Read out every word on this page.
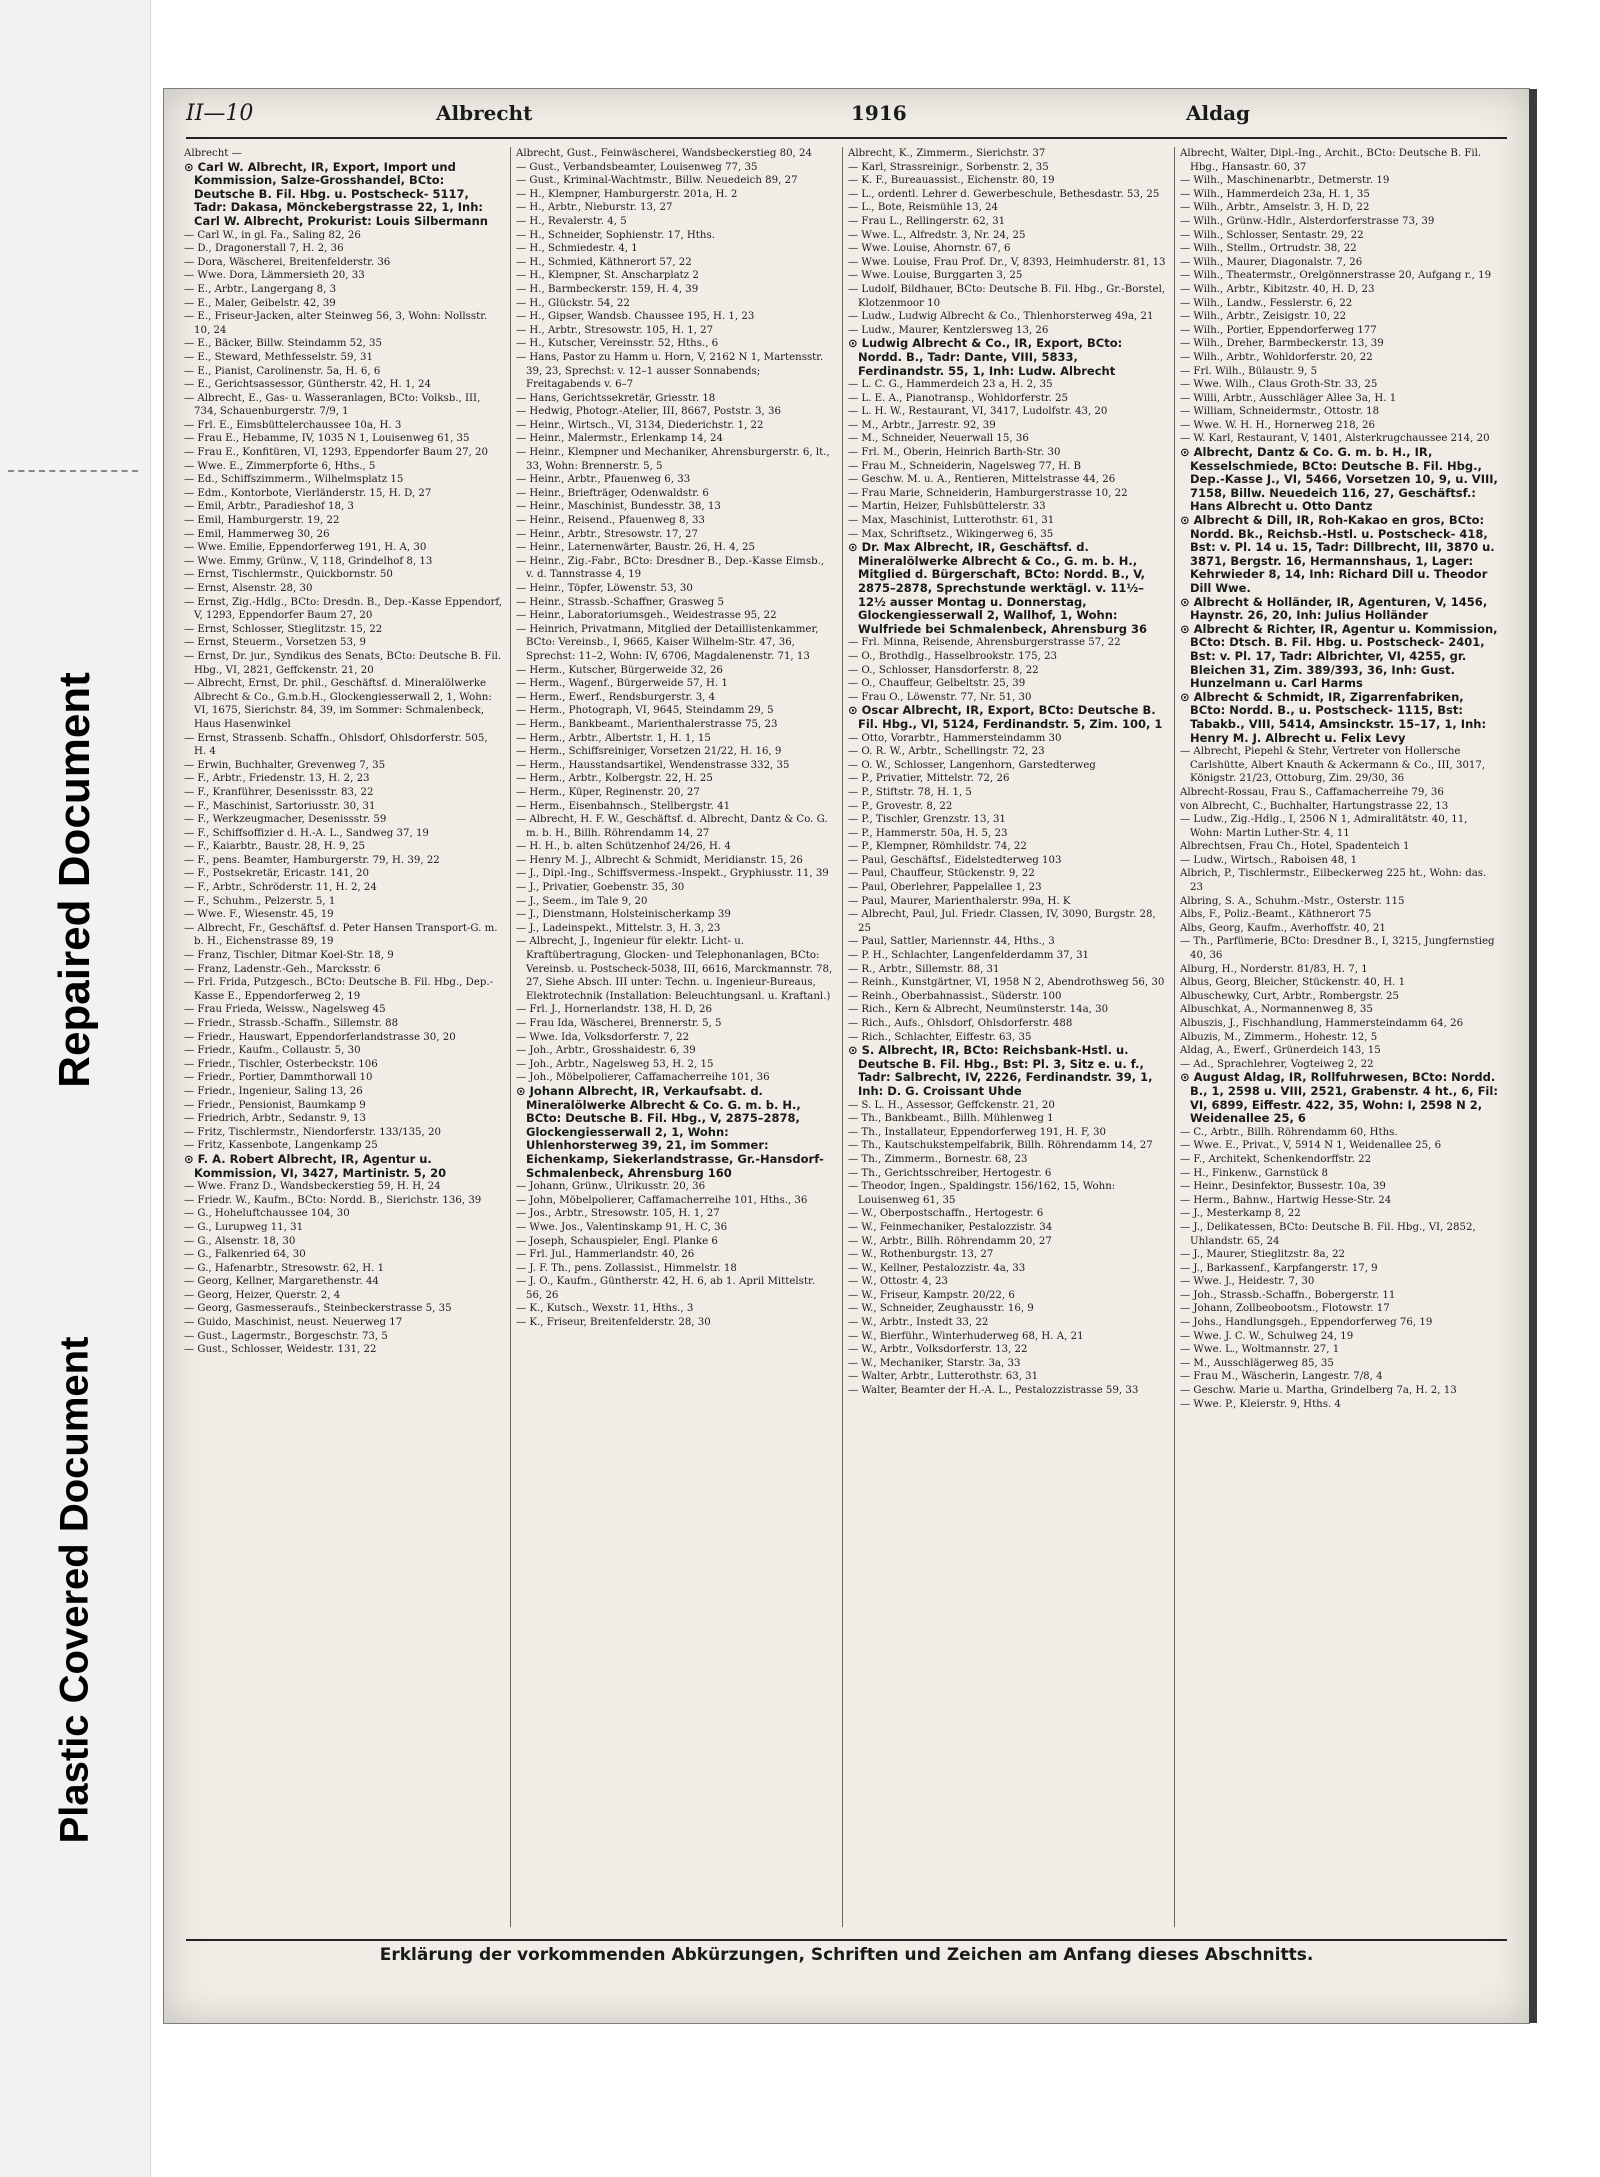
Repaired Document
Plastic Covered Document
II—10	Albrecht	1916	Aldag

Albrecht —

⊙ Carl W. Albrecht, IR, Export, Import und Kommission, Salze-Grosshandel, BCto: Deutsche B. Fil. Hbg. u. Postscheck- 5117, Tadr: Dakasa, Mönckebergstrasse 22, 1, Inh: Carl W. Albrecht, Prokurist: Louis Silbermann

— Carl W., in gl. Fa., Saling 82, 26

— D., Dragonerstall 7, H. 2, 36

— Dora, Wäscherei, Breitenfelderstr. 36

— Wwe. Dora, Lämmersieth 20, 33

— E., Arbtr., Langergang 8, 3

— E., Maler, Geibelstr. 42, 39

— E., Friseur-Jacken, alter Steinweg 56, 3, Wohn: Nollsstr. 10, 24

— E., Bäcker, Billw. Steindamm 52, 35

— E., Steward, Methfesselstr. 59, 31

— E., Pianist, Carolinenstr. 5a, H. 6, 6

— E., Gerichtsassessor, Güntherstr. 42, H. 1, 24

— Albrecht, E., Gas- u. Wasseranlagen, BCto: Volksb., III, 734, Schauenburgerstr. 7/9, 1

— Frl. E., Eimsbüttelerchaussee 10a, H. 3

— Frau E., Hebamme, IV, 1035 N 1, Louisenweg 61, 35

— Frau E., Konfitüren, VI, 1293, Eppendorfer Baum 27, 20

— Wwe. E., Zimmerpforte 6, Hths., 5

— Ed., Schiffszimmerm., Wilhelmsplatz 15

— Edm., Kontorbote, Vierländerstr. 15, H. D, 27

— Emil, Arbtr., Paradieshof 18, 3

— Emil, Hamburgerstr. 19, 22

— Emil, Hammerweg 30, 26

— Wwe. Emilie, Eppendorferweg 191, H. A, 30

— Wwe. Emmy, Grünw., V, 118, Grindelhof 8, 13

— Ernst, Tischlermstr., Quickbornstr. 50

— Ernst, Alsenstr. 28, 30

— Ernst, Zig.-Hdlg., BCto: Dresdn. B., Dep.-Kasse Eppendorf, V, 1293, Eppendorfer Baum 27, 20

— Ernst, Schlosser, Stieglitzstr. 15, 22

— Ernst, Steuerm., Vorsetzen 53, 9

— Ernst, Dr. jur., Syndikus des Senats, BCto: Deutsche B. Fil. Hbg., VI, 2821, Geffckenstr. 21, 20

— Albrecht, Ernst, Dr. phil., Geschäftsf. d. Mineralölwerke Albrecht & Co., G.m.b.H., Glockengiesserwall 2, 1, Wohn: VI, 1675, Sierichstr. 84, 39, im Sommer: Schmalenbeck, Haus Hasenwinkel

— Ernst, Strassenb. Schaffn., Ohlsdorf, Ohlsdorferstr. 505, H. 4

— Erwin, Buchhalter, Grevenweg 7, 35

— F., Arbtr., Friedenstr. 13, H. 2, 23

— F., Kranführer, Desenissstr. 83, 22

— F., Maschinist, Sartoriusstr. 30, 31

— F., Werkzeugmacher, Desenissstr. 59

— F., Schiffsoffizier d. H.-A. L., Sandweg 37, 19

— F., Kaiarbtr., Baustr. 28, H. 9, 25

— F., pens. Beamter, Hamburgerstr. 79, H. 39, 22

— F., Postsekretär, Ericastr. 141, 20

— F., Arbtr., Schröderstr. 11, H. 2, 24

— F., Schuhm., Pelzerstr. 5, 1

— Wwe. F., Wiesenstr. 45, 19

— Albrecht, Fr., Geschäftsf. d. Peter Hansen Transport-G. m. b. H., Eichenstrasse 89, 19

— Franz, Tischler, Ditmar Koel-Str. 18, 9

— Franz, Ladenstr.-Geh., Marcksstr. 6

— Frl. Frida, Putzgesch., BCto: Deutsche B. Fil. Hbg., Dep.-Kasse E., Eppendorferweg 2, 19

— Frau Frieda, Weissw., Nagelsweg 45

— Friedr., Strassb.-Schaffn., Sillemstr. 88

— Friedr., Hauswart, Eppendorferlandstrasse 30, 20

— Friedr., Kaufm., Collaustr. 5, 30

— Friedr., Tischler, Osterbeckstr. 106

— Friedr., Portier, Dammthorwall 10

— Friedr., Ingenieur, Saling 13, 26

— Friedr., Pensionist, Baumkamp 9

— Friedrich, Arbtr., Sedanstr. 9, 13

— Fritz, Tischlermstr., Niendorferstr. 133/135, 20

— Fritz, Kassenbote, Langenkamp 25

⊙ F. A. Robert Albrecht, IR, Agentur u. Kommission, VI, 3427, Martinistr. 5, 20

— Wwe. Franz D., Wandsbeckerstieg 59, H. H, 24

— Friedr. W., Kaufm., BCto: Nordd. B., Sierichstr. 136, 39

— G., Hoheluftchaussee 104, 30

— G., Lurupweg 11, 31

— G., Alsenstr. 18, 30

— G., Falkenried 64, 30

— G., Hafenarbtr., Stresowstr. 62, H. 1

— Georg, Kellner, Margarethenstr. 44

— Georg, Heizer, Querstr. 2, 4

— Georg, Gasmesseraufs., Steinbeckerstrasse 5, 35

— Guido, Maschinist, neust. Neuerweg 17

— Gust., Lagermstr., Borgeschstr. 73, 5

— Gust., Schlosser, Weidestr. 131, 22

Albrecht, Gust., Feinwäscherei, Wandsbeckerstieg 80, 24

— Gust., Verbandsbeamter, Louisenweg 77, 35

— Gust., Kriminal-Wachtmstr., Billw. Neuedeich 89, 27

— H., Klempner, Hamburgerstr. 201a, H. 2

— H., Arbtr., Nieburstr. 13, 27

— H., Revalerstr. 4, 5

— H., Schneider, Sophienstr. 17, Hths.

— H., Schmiedestr. 4, 1

— H., Schmied, Käthnerort 57, 22

— H., Klempner, St. Anscharplatz 2

— H., Barmbeckerstr. 159, H. 4, 39

— H., Glückstr. 54, 22

— H., Gipser, Wandsb. Chaussee 195, H. 1, 23

— H., Arbtr., Stresowstr. 105, H. 1, 27

— H., Kutscher, Vereinsstr. 52, Hths., 6

— Hans, Pastor zu Hamm u. Horn, V, 2162 N 1, Martensstr. 39, 23, Sprechst: v. 12–1 ausser Sonnabends; Freitagabends v. 6–7

— Hans, Gerichtssekretär, Griesstr. 18

— Hedwig, Photogr.-Atelier, III, 8667, Poststr. 3, 36

— Heinr., Wirtsch., VI, 3134, Diederichstr. 1, 22

— Heinr., Malermstr., Erlenkamp 14, 24

— Heinr., Klempner und Mechaniker, Ahrensburgerstr. 6, lt., 33, Wohn: Brennerstr. 5, 5

— Heinr., Arbtr., Pfauenweg 6, 33

— Heinr., Briefträger, Odenwaldstr. 6

— Heinr., Maschinist, Bundesstr. 38, 13

— Heinr., Reisend., Pfauenweg 8, 33

— Heinr., Arbtr., Stresowstr. 17, 27

— Heinr., Laternenwärter, Baustr. 26, H. 4, 25

— Heinr., Zig.-Fabr., BCto: Dresdner B., Dep.-Kasse Eimsb., v. d. Tannstrasse 4, 19

— Heinr., Töpfer, Löwenstr. 53, 30

— Heinr., Strassb.-Schaffner, Grasweg 5

— Heinr., Laboratoriumsgeh., Weidestrasse 95, 22

— Heinrich, Privatmann, Mitglied der Detaillistenkammer, BCto: Vereinsb., I, 9665, Kaiser Wilhelm-Str. 47, 36, Sprechst: 11–2, Wohn: IV, 6706, Magdalenenstr. 71, 13

— Herm., Kutscher, Bürgerweide 32, 26

— Herm., Wagenf., Bürgerweide 57, H. 1

— Herm., Ewerf., Rendsburgerstr. 3, 4

— Herm., Photograph, VI, 9645, Steindamm 29, 5

— Herm., Bankbeamt., Marienthalerstrasse 75, 23

— Herm., Arbtr., Albertstr. 1, H. 1, 15

— Herm., Schiffsreiniger, Vorsetzen 21/22, H. 16, 9

— Herm., Hausstandsartikel, Wendenstrasse 332, 35

— Herm., Arbtr., Kolbergstr. 22, H. 25

— Herm., Küper, Reginenstr. 20, 27

— Herm., Eisenbahnsch., Stellbergstr. 41

— Albrecht, H. F. W., Geschäftsf. d. Albrecht, Dantz & Co. G. m. b. H., Billh. Röhrendamm 14, 27

— H. H., b. alten Schützenhof 24/26, H. 4

— Henry M. J., Albrecht & Schmidt, Meridianstr. 15, 26

— J., Dipl.-Ing., Schiffsvermess.-Inspekt., Gryphiusstr. 11, 39

— J., Privatier, Goebenstr. 35, 30

— J., Seem., im Tale 9, 20

— J., Dienstmann, Holsteinischerkamp 39

— J., Ladeinspekt., Mittelstr. 3, H. 3, 23

— Albrecht, J., Ingenieur für elektr. Licht- u. Kraftübertragung, Glocken- und Telephonanlagen, BCto: Vereinsb. u. Postscheck-5038, III, 6616, Marckmannstr. 78, 27, Siehe Absch. III unter: Techn. u. Ingenieur-Bureaus, Elektrotechnik (Installation: Beleuchtungsanl. u. Kraftanl.)

— Frl. J., Hornerlandstr. 138, H. D, 26

— Frau Ida, Wäscherei, Brennerstr. 5, 5

— Wwe. Ida, Volksdorferstr. 7, 22

— Joh., Arbtr., Grosshaidestr. 6, 39

— Joh., Arbtr., Nagelsweg 53, H. 2, 15

— Joh., Möbelpolierer, Caffamacherreihe 101, 36

⊙ Johann Albrecht, IR, Verkaufsabt. d. Mineralölwerke Albrecht & Co. G. m. b. H., BCto: Deutsche B. Fil. Hbg., V, 2875–2878, Glockengiesserwall 2, 1, Wohn: Uhlenhorsterweg 39, 21, im Sommer: Eichenkamp, Siekerlandstrasse, Gr.-Hansdorf-Schmalenbeck, Ahrensburg 160

— Johann, Grünw., Ulrikusstr. 20, 36

— John, Möbelpolierer, Caffamacherreihe 101, Hths., 36

— Jos., Arbtr., Stresowstr. 105, H. 1, 27

— Wwe. Jos., Valentinskamp 91, H. C, 36

— Joseph, Schauspieler, Engl. Planke 6

— Frl. Jul., Hammerlandstr. 40, 26

— J. F. Th., pens. Zollassist., Himmelstr. 18

— J. O., Kaufm., Güntherstr. 42, H. 6, ab 1. April Mittelstr. 56, 26

— K., Kutsch., Wexstr. 11, Hths., 3

— K., Friseur, Breitenfelderstr. 28, 30

Albrecht, K., Zimmerm., Sierichstr. 37

— Karl, Strassreinigr., Sorbenstr. 2, 35

— K. F., Bureauassist., Eichenstr. 80, 19

— L., ordentl. Lehrer d. Gewerbeschule, Bethesdastr. 53, 25

— L., Bote, Reismühle 13, 24

— Frau L., Rellingerstr. 62, 31

— Wwe. L., Alfredstr. 3, Nr. 24, 25

— Wwe. Louise, Ahornstr. 67, 6

— Wwe. Louise, Frau Prof. Dr., V, 8393, Heimhuderstr. 81, 13

— Wwe. Louise, Burggarten 3, 25

— Ludolf, Bildhauer, BCto: Deutsche B. Fil. Hbg., Gr.-Borstel, Klotzenmoor 10

— Ludw., Ludwig Albrecht & Co., Thlenhorsterweg 49a, 21

— Ludw., Maurer, Kentzlersweg 13, 26

⊙ Ludwig Albrecht & Co., IR, Export, BCto: Nordd. B., Tadr: Dante, VIII, 5833, Ferdinandstr. 55, 1, Inh: Ludw. Albrecht

— L. C. G., Hammerdeich 23 a, H. 2, 35

— L. E. A., Pianotransp., Wohldorferstr. 25

— L. H. W., Restaurant, VI, 3417, Ludolfstr. 43, 20

— M., Arbtr., Jarrestr. 92, 39

— M., Schneider, Neuerwall 15, 36

— Frl. M., Oberin, Heinrich Barth-Str. 30

— Frau M., Schneiderin, Nagelsweg 77, H. B

— Geschw. M. u. A., Rentieren, Mittelstrasse 44, 26

— Frau Marie, Schneiderin, Hamburgerstrasse 10, 22

— Martin, Heizer, Fuhlsbüttelerstr. 33

— Max, Maschinist, Lutterothstr. 61, 31

— Max, Schriftsetz., Wikingerweg 6, 35

⊙ Dr. Max Albrecht, IR, Geschäftsf. d. Mineralölwerke Albrecht & Co., G. m. b. H., Mitglied d. Bürgerschaft, BCto: Nordd. B., V, 2875–2878, Sprechstunde werktägl. v. 11½–12½ ausser Montag u. Donnerstag, Glockengiesserwall 2, Wallhof, 1, Wohn: Wulfriede bei Schmalenbeck, Ahrensburg 36

— Frl. Minna, Reisende, Ahrensburgerstrasse 57, 22

— O., Brothdlg., Hasselbrookstr. 175, 23

— O., Schlosser, Hansdorferstr. 8, 22

— O., Chauffeur, Gelbeltstr. 25, 39

— Frau O., Löwenstr. 77, Nr. 51, 30

⊙ Oscar Albrecht, IR, Export, BCto: Deutsche B. Fil. Hbg., VI, 5124, Ferdinandstr. 5, Zim. 100, 1

— Otto, Vorarbtr., Hammersteindamm 30

— O. R. W., Arbtr., Schellingstr. 72, 23

— O. W., Schlosser, Langenhorn, Garstedterweg

— P., Privatier, Mittelstr. 72, 26

— P., Stiftstr. 78, H. 1, 5

— P., Grovestr. 8, 22

— P., Tischler, Grenzstr. 13, 31

— P., Hammerstr. 50a, H. 5, 23

— P., Klempner, Römhildstr. 74, 22

— Paul, Geschäftsf., Eidelstedterweg 103

— Paul, Chauffeur, Stückenstr. 9, 22

— Paul, Oberlehrer, Pappelallee 1, 23

— Paul, Maurer, Marienthalerstr. 99a, H. K

— Albrecht, Paul, Jul. Friedr. Classen, IV, 3090, Burgstr. 28, 25

— Paul, Sattler, Mariennstr. 44, Hths., 3

— P. H., Schlachter, Langenfelderdamm 37, 31

— R., Arbtr., Sillemstr. 88, 31

— Reinh., Kunstgärtner, VI, 1958 N 2, Abendrothsweg 56, 30

— Reinh., Oberbahnassist., Süderstr. 100

— Rich., Kern & Albrecht, Neumünsterstr. 14a, 30

— Rich., Aufs., Ohlsdorf, Ohlsdorferstr. 488

— Rich., Schlachter, Eiffestr. 63, 35

⊙ S. Albrecht, IR, BCto: Reichsbank-Hstl. u. Deutsche B. Fil. Hbg., Bst: Pl. 3, Sitz e. u. f., Tadr: Salbrecht, IV, 2226, Ferdinandstr. 39, 1, Inh: D. G. Croissant Uhde

— S. L. H., Assessor, Geffckenstr. 21, 20

— Th., Bankbeamt., Billh. Mühlenweg 1

— Th., Installateur, Eppendorferweg 191, H. F, 30

— Th., Kautschukstempelfabrik, Billh. Röhrendamm 14, 27

— Th., Zimmerm., Bornestr. 68, 23

— Th., Gerichtsschreiber, Hertogestr. 6

— Theodor, Ingen., Spaldingstr. 156/162, 15, Wohn: Louisenweg 61, 35

— W., Oberpostschaffn., Hertogestr. 6

— W., Feinmechaniker, Pestalozzistr. 34

— W., Arbtr., Billh. Röhrendamm 20, 27

— W., Rothenburgstr. 13, 27

— W., Kellner, Pestalozzistr. 4a, 33

— W., Ottostr. 4, 23

— W., Friseur, Kampstr. 20/22, 6

— W., Schneider, Zeughausstr. 16, 9

— W., Arbtr., Instedt 33, 22

— W., Bierführ., Winterhuderweg 68, H. A, 21

— W., Arbtr., Volksdorferstr. 13, 22

— W., Mechaniker, Starstr. 3a, 33

— Walter, Arbtr., Lutterothstr. 63, 31

— Walter, Beamter der H.-A. L., Pestalozzistrasse 59, 33

Albrecht, Walter, Dipl.-Ing., Archit., BCto: Deutsche B. Fil. Hbg., Hansastr. 60, 37

— Wilh., Maschinenarbtr., Detmerstr. 19

— Wilh., Hammerdeich 23a, H. 1, 35

— Wilh., Arbtr., Amselstr. 3, H. D, 22

— Wilh., Grünw.-Hdlr., Alsterdorferstrasse 73, 39

— Wilh., Schlosser, Sentastr. 29, 22

— Wilh., Stellm., Ortrudstr. 38, 22

— Wilh., Maurer, Diagonalstr. 7, 26

— Wilh., Theatermstr., Orelgönnerstrasse 20, Aufgang r., 19

— Wilh., Arbtr., Kibitzstr. 40, H. D, 23

— Wilh., Landw., Fesslerstr. 6, 22

— Wilh., Arbtr., Zeisigstr. 10, 22

— Wilh., Portier, Eppendorferweg 177

— Wilh., Dreher, Barmbeckerstr. 13, 39

— Wilh., Arbtr., Wohldorferstr. 20, 22

— Frl. Wilh., Bülaustr. 9, 5

— Wwe. Wilh., Claus Groth-Str. 33, 25

— Willi, Arbtr., Ausschläger Allee 3a, H. 1

— William, Schneidermstr., Ottostr. 18

— Wwe. W. H. H., Hornerweg 218, 26

— W. Karl, Restaurant, V, 1401, Alsterkrugchaussee 214, 20

⊙ Albrecht, Dantz & Co. G. m. b. H., IR, Kesselschmiede, BCto: Deutsche B. Fil. Hbg., Dep.-Kasse J., VI, 5466, Vorsetzen 10, 9, u. VIII, 7158, Billw. Neuedeich 116, 27, Geschäftsf.: Hans Albrecht u. Otto Dantz

⊙ Albrecht & Dill, IR, Roh-Kakao en gros, BCto: Nordd. Bk., Reichsb.-Hstl. u. Postscheck- 418, Bst: v. Pl. 14 u. 15, Tadr: Dillbrecht, III, 3870 u. 3871, Bergstr. 16, Hermannshaus, 1, Lager: Kehrwieder 8, 14, Inh: Richard Dill u. Theodor Dill Wwe.

⊙ Albrecht & Holländer, IR, Agenturen, V, 1456, Haynstr. 26, 20, Inh: Julius Holländer

⊙ Albrecht & Richter, IR, Agentur u. Kommission, BCto: Dtsch. B. Fil. Hbg. u. Postscheck- 2401, Bst: v. Pl. 17, Tadr: Albrichter, VI, 4255, gr. Bleichen 31, Zim. 389/393, 36, Inh: Gust. Hunzelmann u. Carl Harms

⊙ Albrecht & Schmidt, IR, Zigarrenfabriken, BCto: Nordd. B., u. Postscheck- 1115, Bst: Tabakb., VIII, 5414, Amsinckstr. 15–17, 1, Inh: Henry M. J. Albrecht u. Felix Levy

— Albrecht, Piepehl & Stehr, Vertreter von Hollersche Carlshütte, Albert Knauth & Ackermann & Co., III, 3017, Königstr. 21/23, Ottoburg, Zim. 29/30, 36

Albrecht-Rossau, Frau S., Caffamacherreihe 79, 36

von Albrecht, C., Buchhalter, Hartungstrasse 22, 13

— Ludw., Zig.-Hdlg., I, 2506 N 1, Admiralitätstr. 40, 11, Wohn: Martin Luther-Str. 4, 11

Albrechtsen, Frau Ch., Hotel, Spadenteich 1

— Ludw., Wirtsch., Raboisen 48, 1

Albrich, P., Tischlermstr., Eilbeckerweg 225 ht., Wohn: das. 23

Albring, S. A., Schuhm.-Mstr., Osterstr. 115

Albs, F., Poliz.-Beamt., Käthnerort 75

Albs, Georg, Kaufm., Averhoffstr. 40, 21

— Th., Parfümerie, BCto: Dresdner B., I, 3215, Jungfernstieg 40, 36

Alburg, H., Norderstr. 81/83, H. 7, 1

Albus, Georg, Bleicher, Stückenstr. 40, H. 1

Albuschewky, Curt, Arbtr., Rombergstr. 25

Albuschkat, A., Normannenweg 8, 35

Albuszis, J., Fischhandlung, Hammersteindamm 64, 26

Albuzis, M., Zimmerm., Hohestr. 12, 5

Aldag, A., Ewerf., Grünerdeich 143, 15

— Ad., Sprachlehrer, Vogteiweg 2, 22

⊙ August Aldag, IR, Rollfuhrwesen, BCto: Nordd. B., 1, 2598 u. VIII, 2521, Grabenstr. 4 ht., 6, Fil: VI, 6899, Eiffestr. 422, 35, Wohn: I, 2598 N 2, Weidenallee 25, 6

— C., Arbtr., Billh. Röhrendamm 60, Hths.

— Wwe. E., Privat., V, 5914 N 1, Weidenallee 25, 6

— F., Architekt, Schenkendorffstr. 22

— H., Finkenw., Garnstück 8

— Heinr., Desinfektor, Bussestr. 10a, 39

— Herm., Bahnw., Hartwig Hesse-Str. 24

— J., Mesterkamp 8, 22

— J., Delikatessen, BCto: Deutsche B. Fil. Hbg., VI, 2852, Uhlandstr. 65, 24

— J., Maurer, Stieglitzstr. 8a, 22

— J., Barkassenf., Karpfangerstr. 17, 9

— Wwe. J., Heidestr. 7, 30

— Joh., Strassb.-Schaffn., Bobergerstr. 11

— Johann, Zollbeobootsm., Flotowstr. 17

— Johs., Handlungsgeh., Eppendorferweg 76, 19

— Wwe. J. C. W., Schulweg 24, 19

— Wwe. L., Woltmannstr. 27, 1

— M., Ausschlägerweg 85, 35

— Frau M., Wäscherin, Langestr. 7/8, 4

— Geschw. Marie u. Martha, Grindelberg 7a, H. 2, 13

— Wwe. P., Kleierstr. 9, Hths. 4

Erklärung der vorkommenden Abkürzungen, Schriften und Zeichen am Anfang dieses Abschnitts.
